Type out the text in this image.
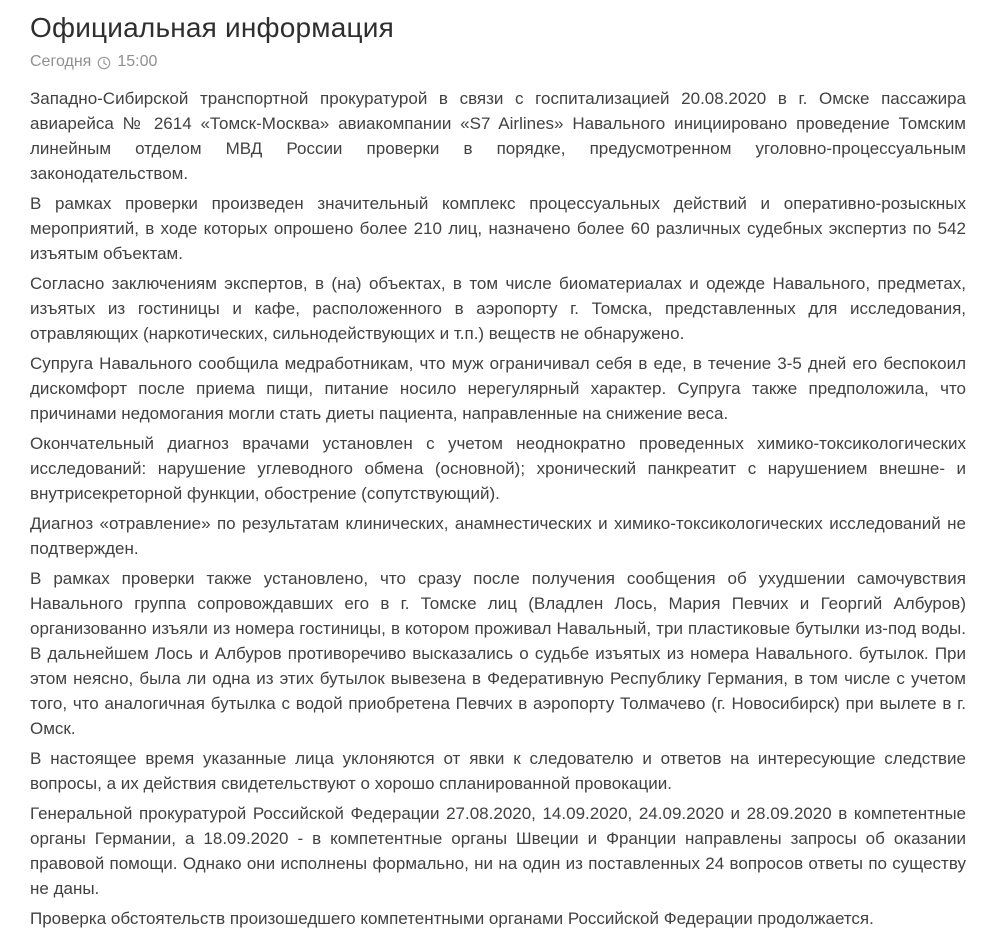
Официальная информация
Сегодня 15:00

Западно-Сибирской транспортной прокуратурой в связи с госпитализацией 20.08.2020 в г. Омске пассажира авиарейса № 2614 «Томск-Москва» авиакомпании «S7 Airlines» Навального инициировано проведение Томским линейным отделом МВД России проверки в порядке, предусмотренном уголовно-процессуальным законодательством.

В рамках проверки произведен значительный комплекс процессуальных действий и оперативно-розыскных мероприятий, в ходе которых опрошено более 210 лиц, назначено более 60 различных судебных экспертиз по 542 изъятым объектам.

Согласно заключениям экспертов, в (на) объектах, в том числе биоматериалах и одежде Навального, предметах, изъятых из гостиницы и кафе, расположенного в аэропорту г. Томска, представленных для исследования, отравляющих (наркотических, сильнодействующих и т.п.) веществ не обнаружено.

Супруга Навального сообщила медработникам, что муж ограничивал себя в еде, в течение 3-5 дней его беспокоил дискомфорт после приема пищи, питание носило нерегулярный характер. Супруга также предположила, что причинами недомогания могли стать диеты пациента, направленные на снижение веса.

Окончательный диагноз врачами установлен с учетом неоднократно проведенных химико-токсикологических исследований: нарушение углеводного обмена (основной); хронический панкреатит с нарушением внешне- и внутрисекреторной функции, обострение (сопутствующий).

Диагноз «отравление» по результатам клинических, анамнестических и химико-токсикологических исследований не подтвержден.

В рамках проверки также установлено, что сразу после получения сообщения об ухудшении самочувствия Навального группа сопровождавших его в г. Томске лиц (Владлен Лось, Мария Певчих и Георгий Албуров) организованно изъяли из номера гостиницы, в котором проживал Навальный, три пластиковые бутылки из-под воды. В дальнейшем Лось и Албуров противоречиво высказались о судьбе изъятых из номера Навального. бутылок. При этом неясно, была ли одна из этих бутылок вывезена в Федеративную Республику Германия, в том числе с учетом того, что аналогичная бутылка с водой приобретена Певчих в аэропорту Толмачево (г. Новосибирск) при вылете в г. Омск.

В настоящее время указанные лица уклоняются от явки к следователю и ответов на интересующие следствие вопросы, а их действия свидетельствуют о хорошо спланированной провокации.

Генеральной прокуратурой Российской Федерации 27.08.2020, 14.09.2020, 24.09.2020 и 28.09.2020 в компетентные органы Германии, а 18.09.2020 - в компетентные органы Швеции и Франции направлены запросы об оказании правовой помощи. Однако они исполнены формально, ни на один из поставленных 24 вопросов ответы по существу не даны.

Проверка обстоятельств произошедшего компетентными органами Российской Федерации продолжается.
